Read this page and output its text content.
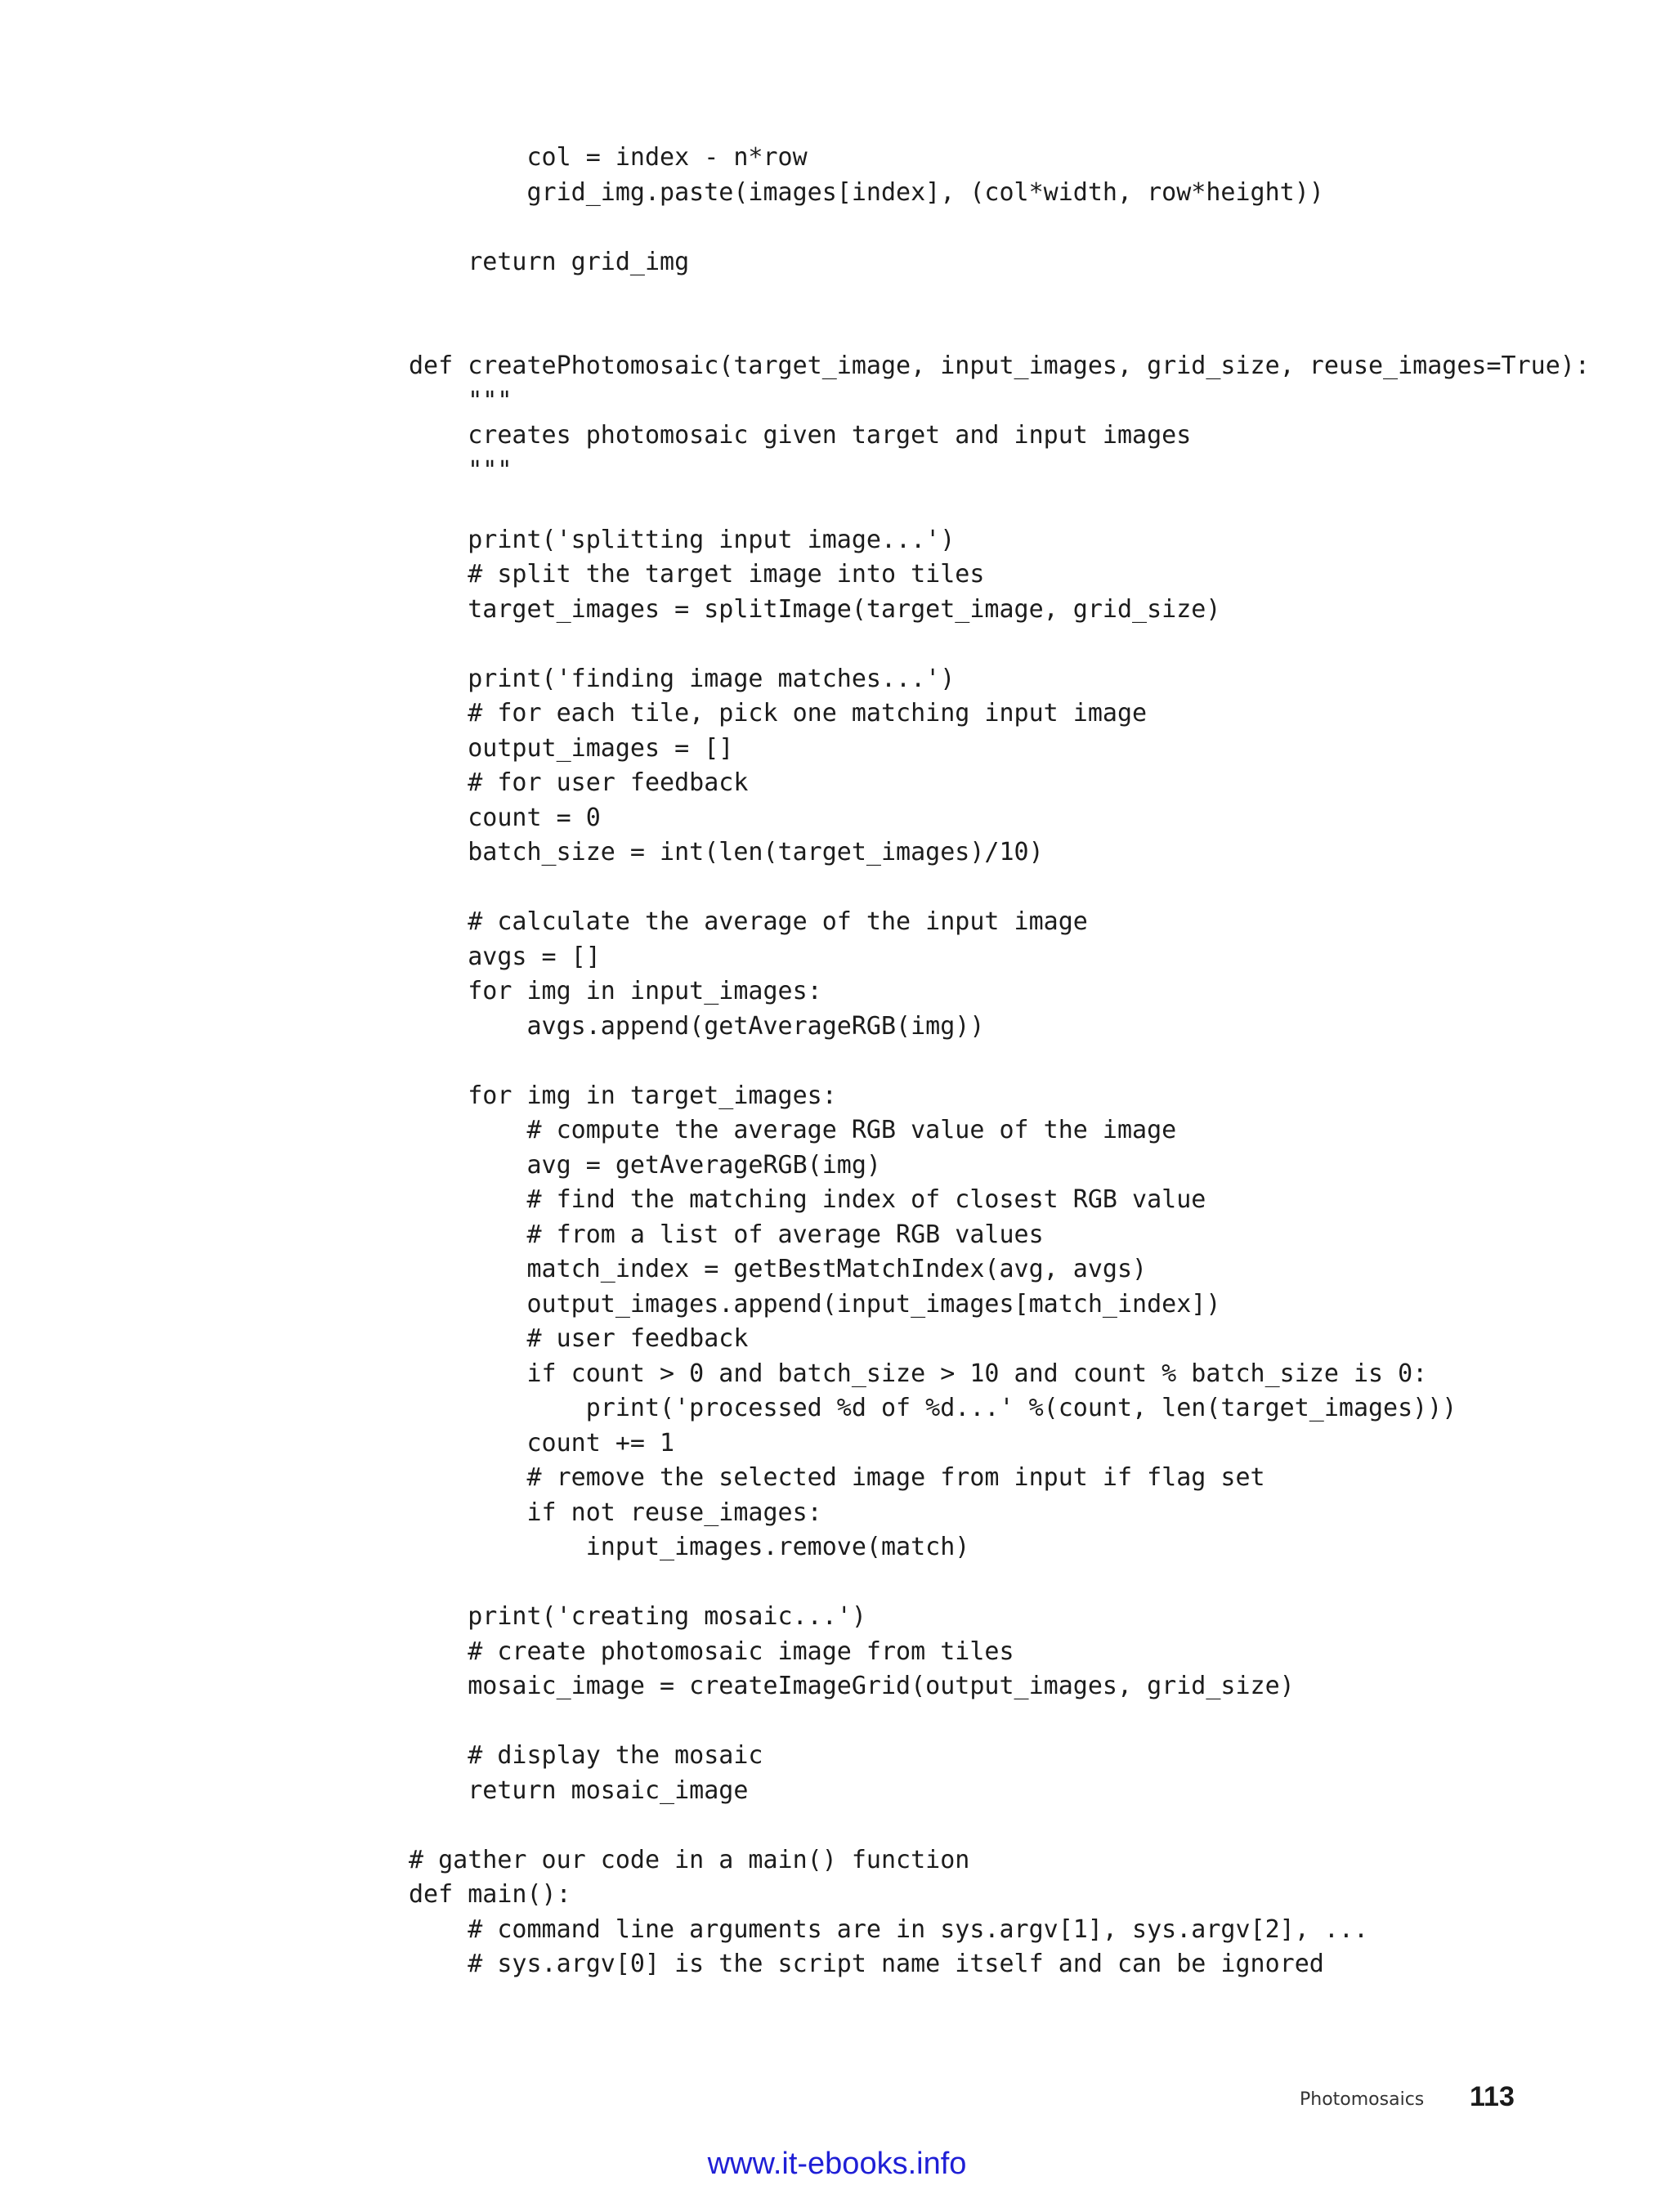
col = index - n*row
grid_img.paste(images[index], (col*width, row*height))

return grid_img

def createPhotomosaic(target_image, input_images, grid_size, reuse_images=True):
"""
creates photomosaic given target and input images
"""

print('splitting input image...')
# split the target image into tiles
target_images = splitImage(target_image, grid_size)

print('finding image matches...')
# for each tile, pick one matching input image
output_images = []
# for user feedback
count = 0
batch_size = int(len(target_images)/10)

# calculate the average of the input image
avgs = []
for img in input_images:
avgs.append(getAverageRGB(img))

for img in target_images:
# compute the average RGB value of the image
avg = getAverageRGB(img)
# find the matching index of closest RGB value
# from a list of average RGB values
match_index = getBestMatchIndex(avg, avgs)
output_images.append(input_images[match_index])
# user feedback
if count > 0 and batch_size > 10 and count % batch_size is 0:
print('processed %d of %d...' %(count, len(target_images)))
count += 1
# remove the selected image from input if flag set
if not reuse_images:
input_images.remove(match)

print('creating mosaic...')
# create photomosaic image from tiles
mosaic_image = createImageGrid(output_images, grid_size)

# display the mosaic
return mosaic_image

# gather our code in a main() function
def main():
# command line arguments are in sys.argv[1], sys.argv[2], ...
# sys.argv[0] is the script name itself and can be ignored
Photomosaics 113
www.it-ebooks.info
